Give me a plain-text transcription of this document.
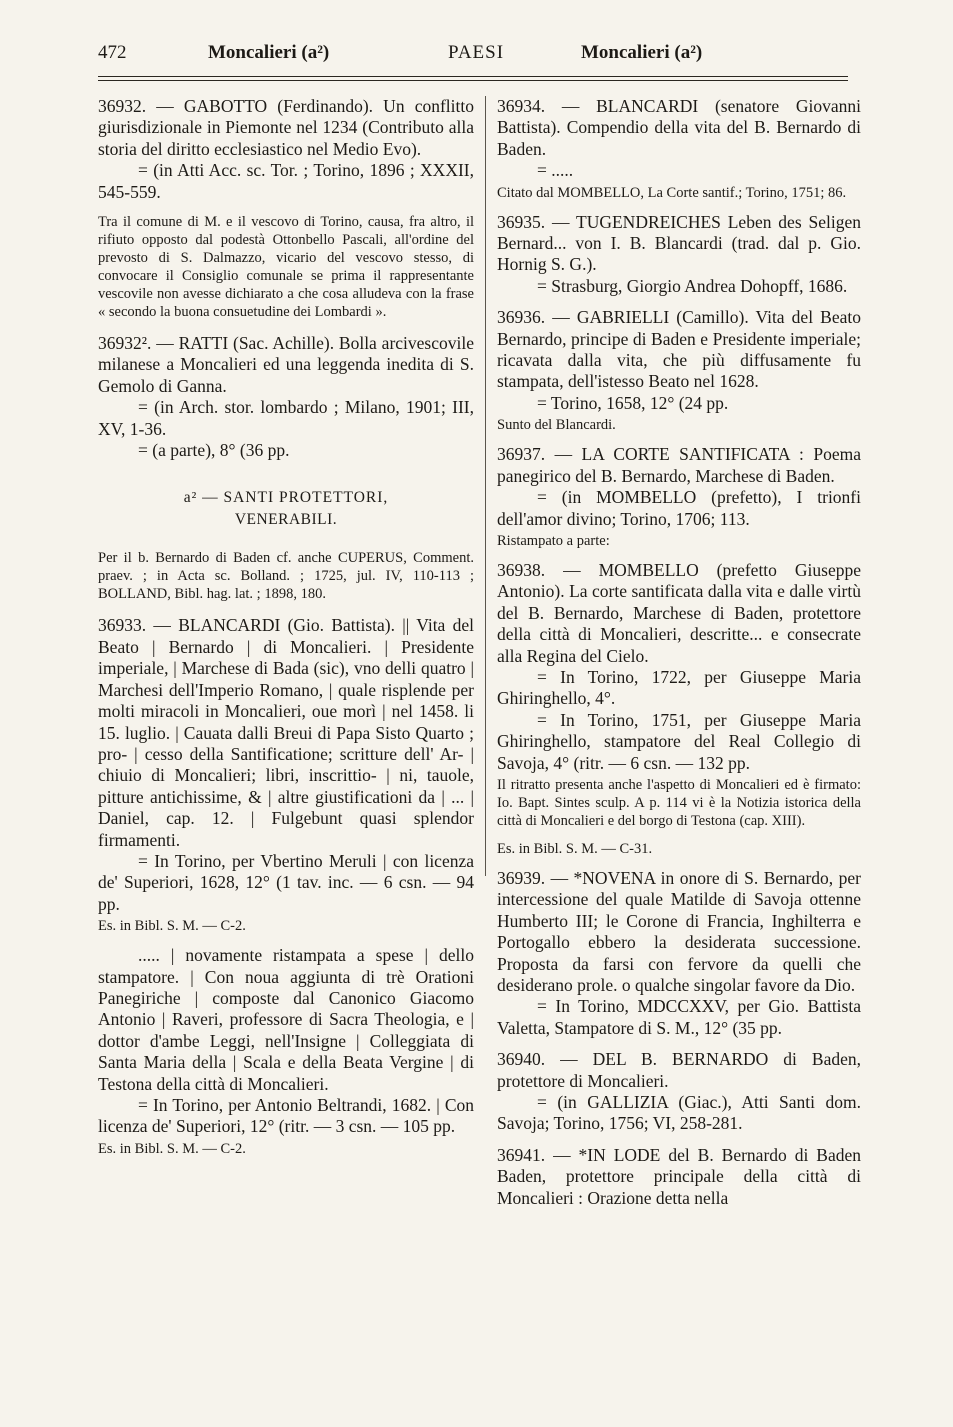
472	Moncalieri (a²)	PAESI	Moncalieri (a²)
36932. — GABOTTO (Ferdinando). Un conflitto giurisdizionale in Piemonte nel 1234 (Contributo alla storia del diritto ecclesiastico nel Medio Evo).

= (in Atti Acc. sc. Tor. ; Torino, 1896 ; XXXII, 545-559.

Tra il comune di M. e il vescovo di Torino, causa, fra altro, il rifiuto opposto dal podestà Ottonbello Pascali, all'ordine del prevosto di S. Dalmazzo, vicario del vescovo stesso, di convocare il Consiglio comunale se prima il rappresentante vescovile non avesse dichiarato a che cosa alludeva con la frase « secondo la buona consuetudine dei Lombardi ».

36932². — RATTI (Sac. Achille). Bolla arcivescovile milanese a Moncalieri ed una leggenda inedita di S. Gemolo di Ganna.

= (in Arch. stor. lombardo ; Milano, 1901; III, XV, 1-36.

= (a parte), 8° (36 pp.

a² — SANTI PROTETTORI,
VENERABILI.

Per il b. Bernardo di Baden cf. anche CUPERUS, Comment. praev. ; in Acta sc. Bolland. ; 1725, jul. IV, 110-113 ; BOLLAND, Bibl. hag. lat. ; 1898, 180.

36933. — BLANCARDI (Gio. Battista). || Vita del Beato | Bernardo | di Moncalieri. | Presidente imperiale, | Marchese di Bada (sic), vno delli quatro | Marchesi dell'Imperio Romano, | quale risplende per molti miracoli in Moncalieri, oue morì | nel 1458. li 15. luglio. | Cauata dalli Breui di Papa Sisto Quarto ; pro- | cesso della Santificatione; scritture dell' Ar- | chiuio di Moncalieri; libri, inscrittio- | ni, tauole, pitture antichissime, & | altre giustificationi da | ... | Daniel, cap. 12. | Fulgebunt quasi splendor firmamenti.

= In Torino, per Vbertino Meruli | con licenza de' Superiori, 1628, 12° (1 tav. inc. — 6 csn. — 94 pp.

Es. in Bibl. S. M. — C-2.

..... | novamente ristampata a spese | dello stampatore. | Con noua aggiunta di trè Orationi Panegiriche | composte dal Canonico Giacomo Antonio | Raveri, professore di Sacra Theologia, e | dottor d'ambe Leggi, nell'Insigne | Colleggiata di Santa Maria della | Scala e della Beata Vergine | di Testona della città di Moncalieri.

= In Torino, per Antonio Beltrandi, 1682. | Con licenza de' Superiori, 12° (ritr. — 3 csn. — 105 pp.

Es. in Bibl. S. M. — C-2.

36934. — BLANCARDI (senatore Giovanni Battista). Compendio della vita del B. Bernardo di Baden.

= .....

Citato dal MOMBELLO, La Corte santif.; Torino, 1751; 86.

36935. — TUGENDREICHES Leben des Seligen Bernard... von I. B. Blancardi (trad. dal p. Gio. Hornig S. G.).

= Strasburg, Giorgio Andrea Dohopff, 1686.

36936. — GABRIELLI (Camillo). Vita del Beato Bernardo, principe di Baden e Presidente imperiale; ricavata dalla vita, che più diffusamente fu stampata, dell'istesso Beato nel 1628.

= Torino, 1658, 12° (24 pp.

Sunto del Blancardi.

36937. — LA CORTE SANTIFICATA : Poema panegirico del B. Bernardo, Marchese di Baden.

= (in MOMBELLO (prefetto), I trionfi dell'amor divino; Torino, 1706; 113.

Ristampato a parte:

36938. — MOMBELLO (prefetto Giuseppe Antonio). La corte santificata dalla vita e dalle virtù del B. Bernardo, Marchese di Baden, protettore della città di Moncalieri, descritte... e consecrate alla Regina del Cielo.

= In Torino, 1722, per Giuseppe Maria Ghiringhello, 4°.

= In Torino, 1751, per Giuseppe Maria Ghiringhello, stampatore del Real Collegio di Savoja, 4° (ritr. — 6 csn. — 132 pp.

Il ritratto presenta anche l'aspetto di Moncalieri ed è firmato: Io. Bapt. Sintes sculp. A p. 114 vi è la Notizia istorica della città di Moncalieri e del borgo di Testona (cap. XIII).

Es. in Bibl. S. M. — C-31.

36939. — *NOVENA in onore di S. Bernardo, per intercessione del quale Matilde di Savoja ottenne Humberto III; le Corone di Francia, Inghilterra e Portogallo ebbero la desiderata successione. Proposta da farsi con fervore da quelli che desiderano prole. o qualche singolar favore da Dio.

= In Torino, MDCCXXV, per Gio. Battista Valetta, Stampatore di S. M., 12° (35 pp.

36940. — DEL B. BERNARDO di Baden, protettore di Moncalieri.

= (in GALLIZIA (Giac.), Atti Santi dom. Savoja; Torino, 1756; VI, 258-281.

36941. — *IN LODE del B. Bernardo di Baden Baden, protettore principale della città di Moncalieri : Orazione detta nella
